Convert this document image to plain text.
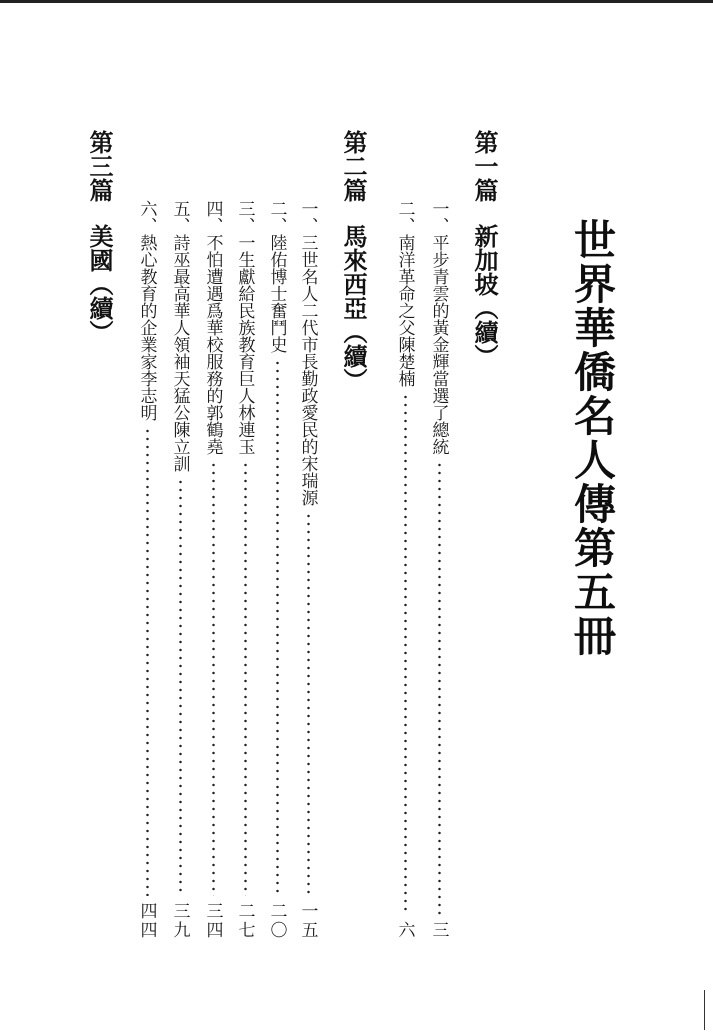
世界華僑名人傳第五冊
第一篇新加坡（續）
一、
平步青雲的黃金輝當選了總統
三
二、
南洋革命之父陳楚楠
六
第二篇馬來西亞（續）
一、
三世名人二代市長勤政愛民的宋瑞源
一五
二、
陸佑博士奮鬥史
二〇
三、
一生獻給民族教育巨人林連玉
二七
四、
不怕遭遇爲華校服務的郭鶴堯
三四
五、
詩巫最高華人領袖天猛公陳立訓
三九
六、
熱心教育的企業家李志明
四四
第三篇美國（續）
